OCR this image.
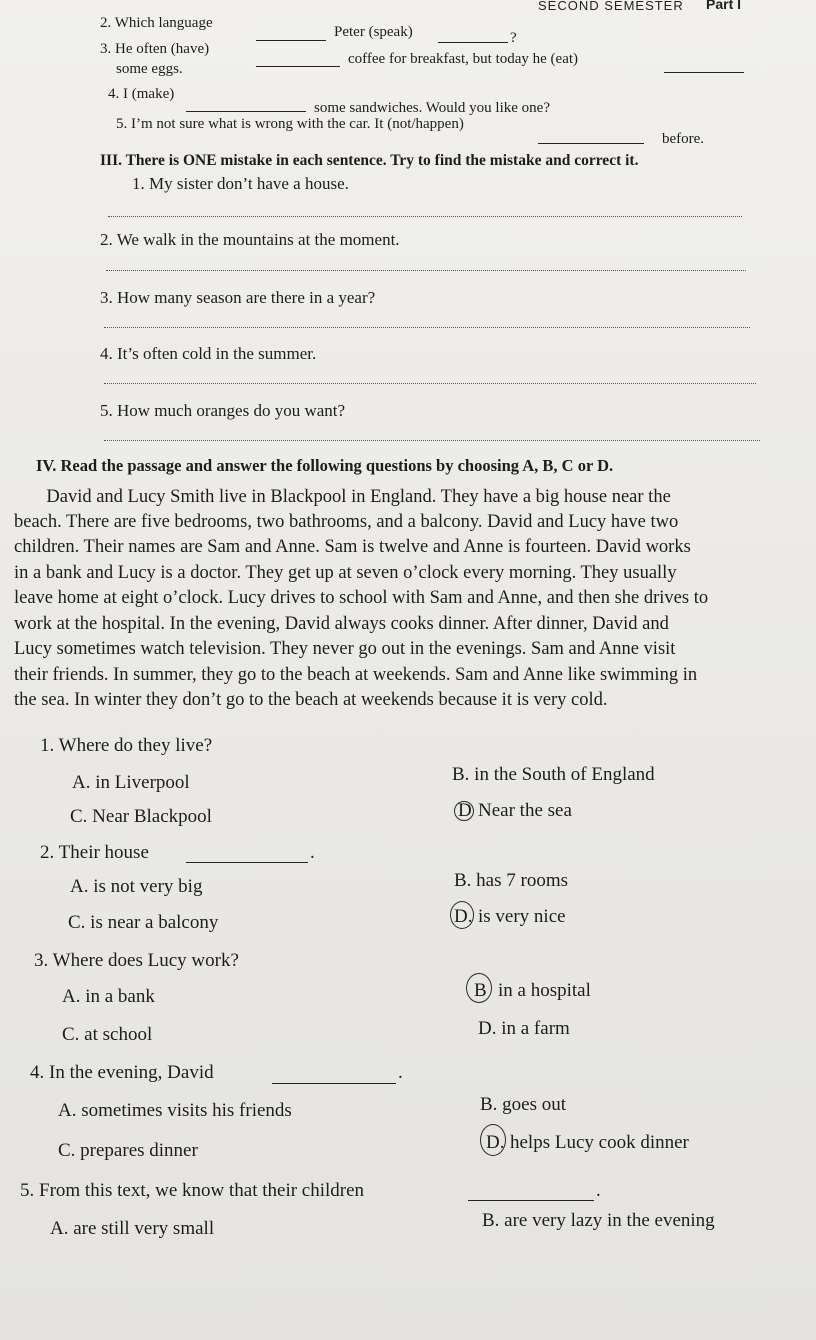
SECOND SEMESTER Part I
2. Which language
Peter (speak)	?
3. He often (have)
coffee for breakfast, but today he (eat)
some eggs.
4. I (make)
some sandwiches. Would you like one?
5. I’m not sure what is wrong with the car. It (not/happen)
before.
III. There is ONE mistake in each sentence. Try to find the mistake and correct it.
1. My sister don’t have a house.
2. We walk in the mountains at the moment.
3. How many season are there in a year?
4. It’s often cold in the summer.
5. How much oranges do you want?
IV. Read the passage and answer the following questions by choosing A, B, C or D.
David and Lucy Smith live in Blackpool in England. They have a big house near the
beach. There are five bedrooms, two bathrooms, and a balcony. David and Lucy have two
children. Their names are Sam and Anne. Sam is twelve and Anne is fourteen. David works
in a bank and Lucy is a doctor. They get up at seven o’clock every morning. They usually
leave home at eight o’clock. Lucy drives to school with Sam and Anne, and then she drives to
work at the hospital. In the evening, David always cooks dinner. After dinner, David and
Lucy sometimes watch television. They never go out in the evenings. Sam and Anne visit
their friends. In summer, they go to the beach at weekends. Sam and Anne like swimming in
the sea. In winter they don’t go to the beach at weekends because it is very cold.
1. Where do they live?
A. in Liverpool	B. in the South of England
C. Near Blackpool	D Near the sea
2. Their house	.
A. is not very big	B. has 7 rooms
C. is near a balcony	D. is very nice
3. Where does Lucy work?
A. in a bank	B in a hospital
C. at school	D. in a farm
4. In the evening, David	.
A. sometimes visits his friends	B. goes out
C. prepares dinner	D. helps Lucy cook dinner
5. From this text, we know that their children	.
A. are still very small	B. are very lazy in the evening
